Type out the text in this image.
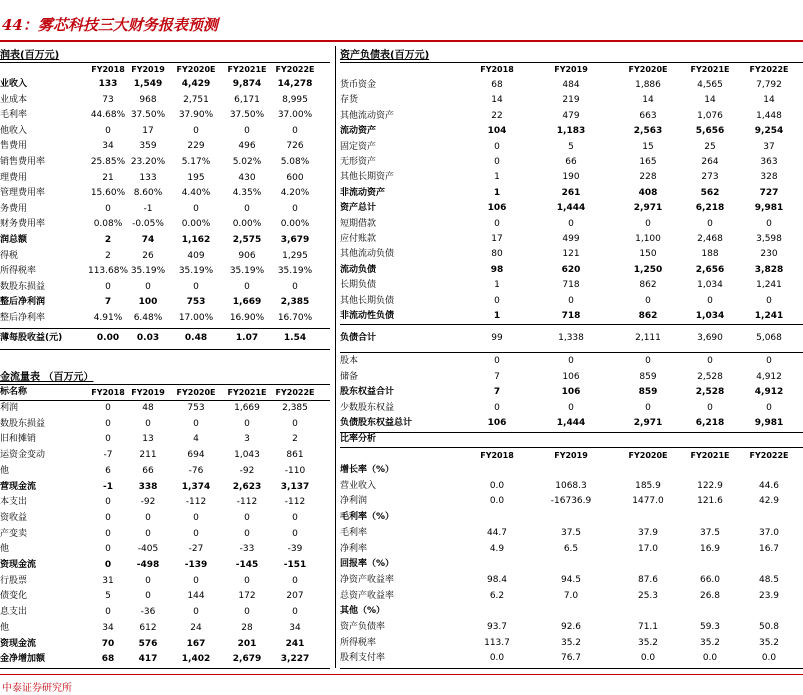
44：雾芯科技三大财务报表预测
润表(百万元)
FY2018 FY2019	FY2020E	FY2021E	FY2022E
业收入	133	1,549	4,429	9,874	14,278
业成本	73	968	2,751	6,171	8,995
毛利率	44.68% 37.50%	37.90%	37.50%	37.00%
他收入	0	17	0	0	0
售费用	34	359	229	496	726
销售费用率	25.85% 23.20%	5.17%	5.02%	5.08%
理费用	21	133	195	430	600
管理费用率	15.60% 8.60%	4.40%	4.35%	4.20%
务费用	0	-1	0	0	0
财务费用率	0.08%	-0.05%	0.00%	0.00%	0.00%
润总额	2	74	1,162	2,575	3,679
得税	2	26	409	906	1,295
所得税率	113.68% 35.19%	35.19%	35.19%	35.19%
数股东损益	0	0	0	0	0
整后净利润	7	100	753	1,669	2,385
整后净利率	4.91%	6.48%	17.00%	16.90%	16.70%
薄每股收益(元)	0.00	0.03	0.48	1.07	1.54
金流量表 （百万元）
标名称	FY2018 FY2019	FY2020E	FY2021E	FY2022E
利润	0	48	753	1,669	2,385
数股东损益	0	0	0	0	0
旧和摊销	0	13	4	3	2
运资金变动	-7	211	694	1,043	861
他	6	66	-76	-92	-110
营现金流	-1	338	1,374	2,623	3,137
本支出	0	-92	-112	-112	-112
资收益	0	0	0	0	0
产变卖	0	0	0	0	0
他	0	-405	-27	-33	-39
资现金流	0	-498	-139	-145	-151
行股票	31	0	0	0	0
债变化	5	0	144	172	207
息支出	0	-36	0	0	0
他	34	612	24	28	34
资现金流	70	576	167	201	241
金净增加额	68	417	1,402	2,679	3,227
资产负债表(百万元)
FY2018	FY2019	FY2020E	FY2021E	FY2022E
货币资金	68	484	1,886	4,565	7,792
存货	14	219	14	14	14
其他流动资产	22	479	663	1,076	1,448
流动资产	104	1,183	2,563	5,656	9,254
固定资产	0	5	15	25	37
无形资产	0	66	165	264	363
其他长期资产	1	190	228	273	328
非流动资产	1	261	408	562	727
资产总计	106	1,444	2,971	6,218	9,981
短期借款	0	0	0	0	0
应付账款	17	499	1,100	2,468	3,598
其他流动负债	80	121	150	188	230
流动负债	98	620	1,250	2,656	3,828
长期负债	1	718	862	1,034	1,241
其他长期负债	0	0	0	0	0
非流动性负债	1	718	862	1,034	1,241
负债合计	99	1,338	2,111	3,690	5,068
股本	0	0	0	0	0
储备	7	106	859	2,528	4,912
股东权益合计	7	106	859	2,528	4,912
少数股东权益	0	0	0	0	0
负债股东权益总计	106	1,444	2,971	6,218	9,981
比率分析
FY2018	FY2019	FY2020E	FY2021E	FY2022E
增长率（%）
营业收入	0.0	1068.3	185.9	122.9	44.6
净利润	0.0	-16736.9	1477.0	121.6	42.9
毛利率（%）
毛利率	44.7	37.5	37.9	37.5	37.0
净利率	4.9	6.5	17.0	16.9	16.7
回报率（%）
净资产收益率	98.4	94.5	87.6	66.0	48.5
总资产收益率	6.2	7.0	25.3	26.8	23.9
其他（%）
资产负债率	93.7	92.6	71.1	59.3	50.8
所得税率	113.7	35.2	35.2	35.2	35.2
股利支付率	0.0	76.7	0.0	0.0	0.0
中泰证券研究所
